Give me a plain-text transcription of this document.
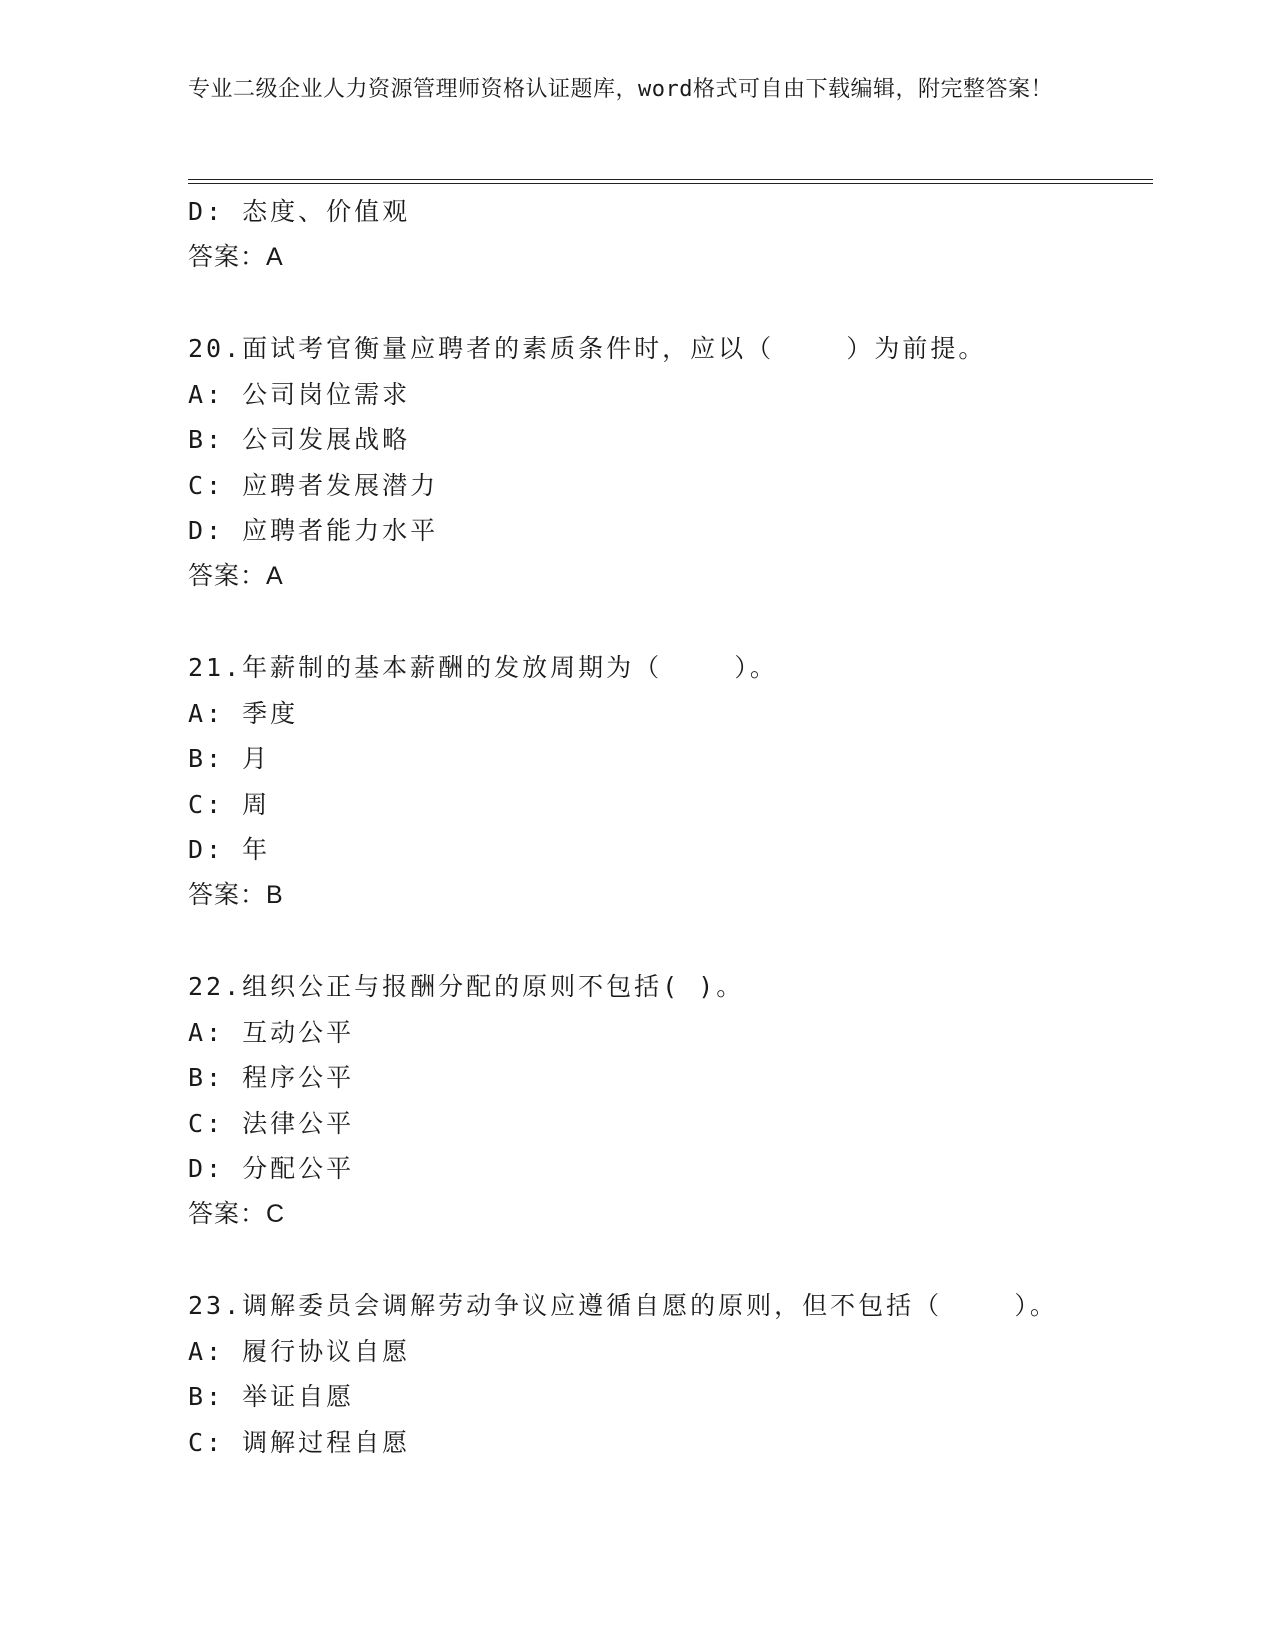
专业二级企业人力资源管理师资格认证题库，word格式可自由下载编辑，附完整答案！
D: 态度、价值观
答案：A
20.面试考官衡量应聘者的素质条件时，应以（    ）为前提。
A: 公司岗位需求
B: 公司发展战略
C: 应聘者发展潜力
D: 应聘者能力水平
答案：A
21.年薪制的基本薪酬的发放周期为（    ）。
A: 季度
B: 月
C: 周
D: 年
答案：B
22.组织公正与报酬分配的原则不包括( )。
A: 互动公平
B: 程序公平
C: 法律公平
D: 分配公平
答案：C
23.调解委员会调解劳动争议应遵循自愿的原则，但不包括（    ）。
A: 履行协议自愿
B: 举证自愿
C: 调解过程自愿
